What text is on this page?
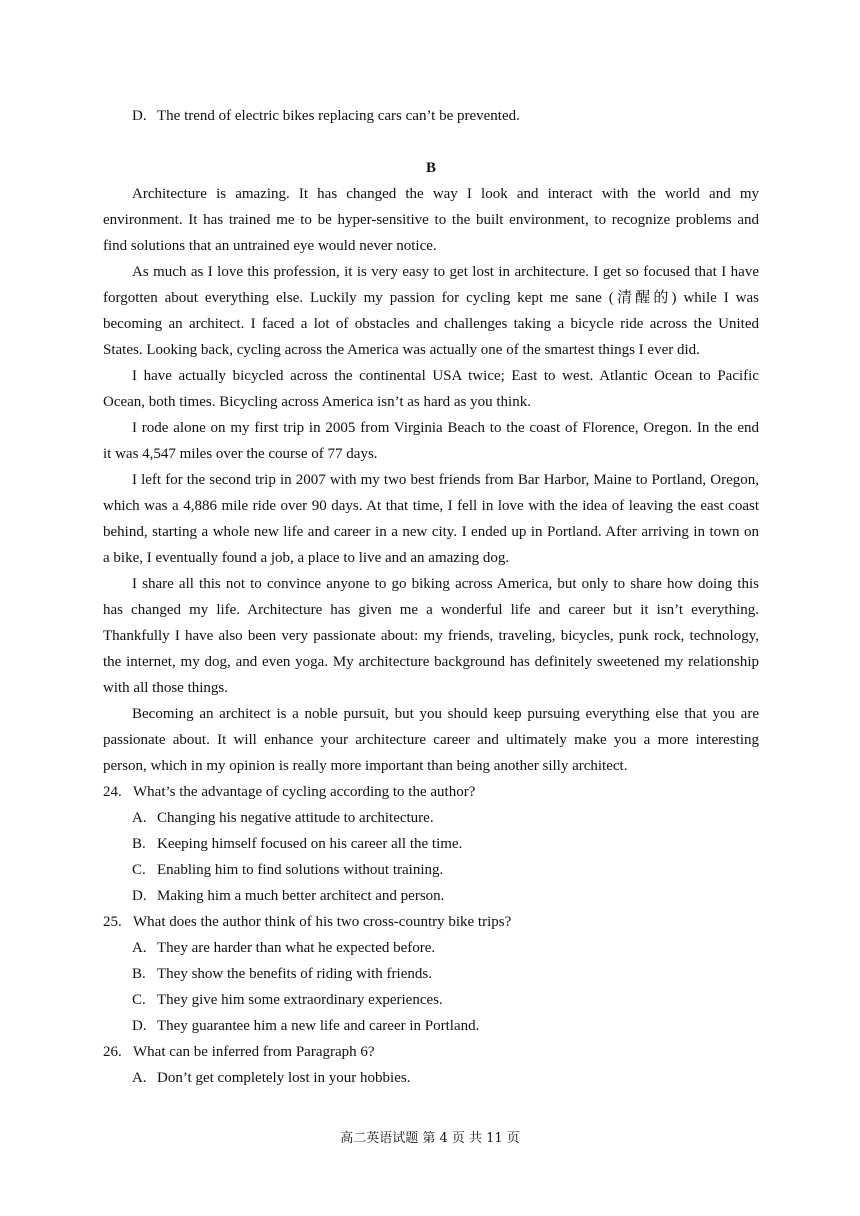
D. The trend of electric bikes replacing cars can’t be prevented.
B
Architecture is amazing. It has changed the way I look and interact with the world and my
environment. It has trained me to be hyper-sensitive to the built environment, to recognize problems and
find solutions that an untrained eye would never notice.
As much as I love this profession, it is very easy to get lost in architecture. I get so focused that I have
forgotten about everything else. Luckily my passion for cycling kept me sane (清醒的) while I was
becoming an architect. I faced a lot of obstacles and challenges taking a bicycle ride across the United
States. Looking back, cycling across the America was actually one of the smartest things I ever did.
I have actually bicycled across the continental USA twice; East to west. Atlantic Ocean to Pacific
Ocean, both times. Bicycling across America isn’t as hard as you think.
I rode alone on my first trip in 2005 from Virginia Beach to the coast of Florence, Oregon. In the end
it was 4,547 miles over the course of 77 days.
I left for the second trip in 2007 with my two best friends from Bar Harbor, Maine to Portland, Oregon,
which was a 4,886 mile ride over 90 days. At that time, I fell in love with the idea of leaving the east coast
behind, starting a whole new life and career in a new city. I ended up in Portland. After arriving in town on
a bike, I eventually found a job, a place to live and an amazing dog.
I share all this not to convince anyone to go biking across America, but only to share how doing this
has changed my life. Architecture has given me a wonderful life and career but it isn’t everything.
Thankfully I have also been very passionate about: my friends, traveling, bicycles, punk rock, technology,
the internet, my dog, and even yoga. My architecture background has definitely sweetened my relationship
with all those things.
Becoming an architect is a noble pursuit, but you should keep pursuing everything else that you are
passionate about. It will enhance your architecture career and ultimately make you a more interesting
person, which in my opinion is really more important than being another silly architect.
24. What’s the advantage of cycling according to the author?
A. Changing his negative attitude to architecture.
B. Keeping himself focused on his career all the time.
C. Enabling him to find solutions without training.
D. Making him a much better architect and person.
25. What does the author think of his two cross-country bike trips?
A. They are harder than what he expected before.
B. They show the benefits of riding with friends.
C. They give him some extraordinary experiences.
D. They guarantee him a new life and career in Portland.
26. What can be inferred from Paragraph 6?
A. Don’t get completely lost in your hobbies.
高二英语试题 第 4 页 共 11 页
